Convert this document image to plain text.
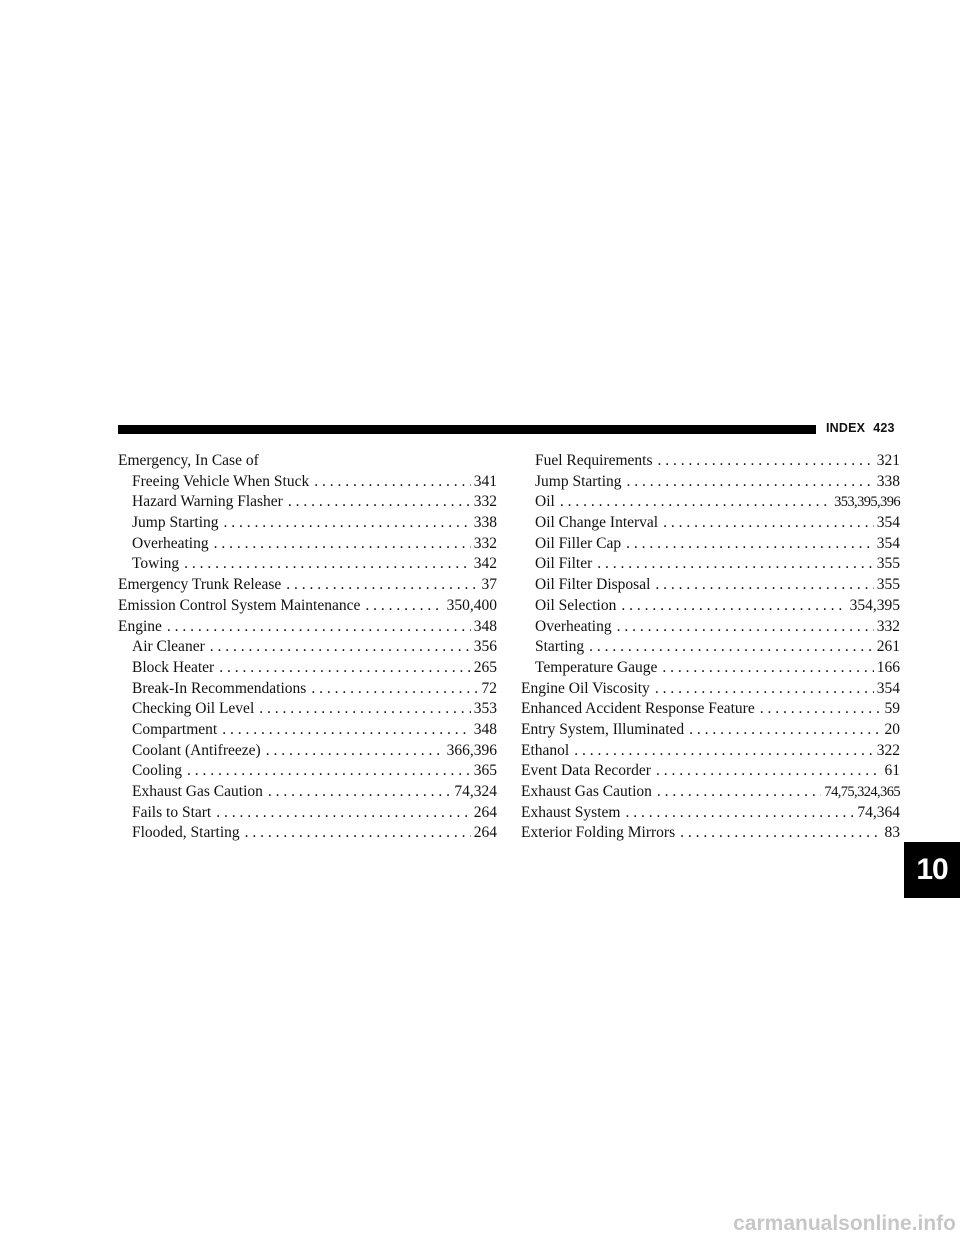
INDEX 423
Emergency, In Case of
Freeing Vehicle When Stuck . . .	341
Hazard Warning Flasher . . .	332
Jump Starting . . .	338
Overheating . . .	332
Towing . . .	342
Emergency Trunk Release . . .	37
Emission Control System Maintenance . . .	350,400
Engine . . .	348
Air Cleaner . . .	356
Block Heater . . .	265
Break-In Recommendations . . .	72
Checking Oil Level . . .	353
Compartment . . .	348
Coolant (Antifreeze) . . .	366,396
Cooling . . .	365
Exhaust Gas Caution . . .	74,324
Fails to Start . . .	264
Flooded, Starting . . .	264
Fuel Requirements . . .	321
Jump Starting . . .	338
Oil . . .	353,395,396
Oil Change Interval . . .	354
Oil Filler Cap . . .	354
Oil Filter . . .	355
Oil Filter Disposal . . .	355
Oil Selection . . .	354,395
Overheating . . .	332
Starting . . .	261
Temperature Gauge . . .	166
Engine Oil Viscosity . . .	354
Enhanced Accident Response Feature . . .	59
Entry System, Illuminated . . .	20
Ethanol . . .	322
Event Data Recorder . . .	61
Exhaust Gas Caution . . .	74,75,324,365
Exhaust System . . .	74,364
Exterior Folding Mirrors . . .	83
10
carmanualsonline.info
